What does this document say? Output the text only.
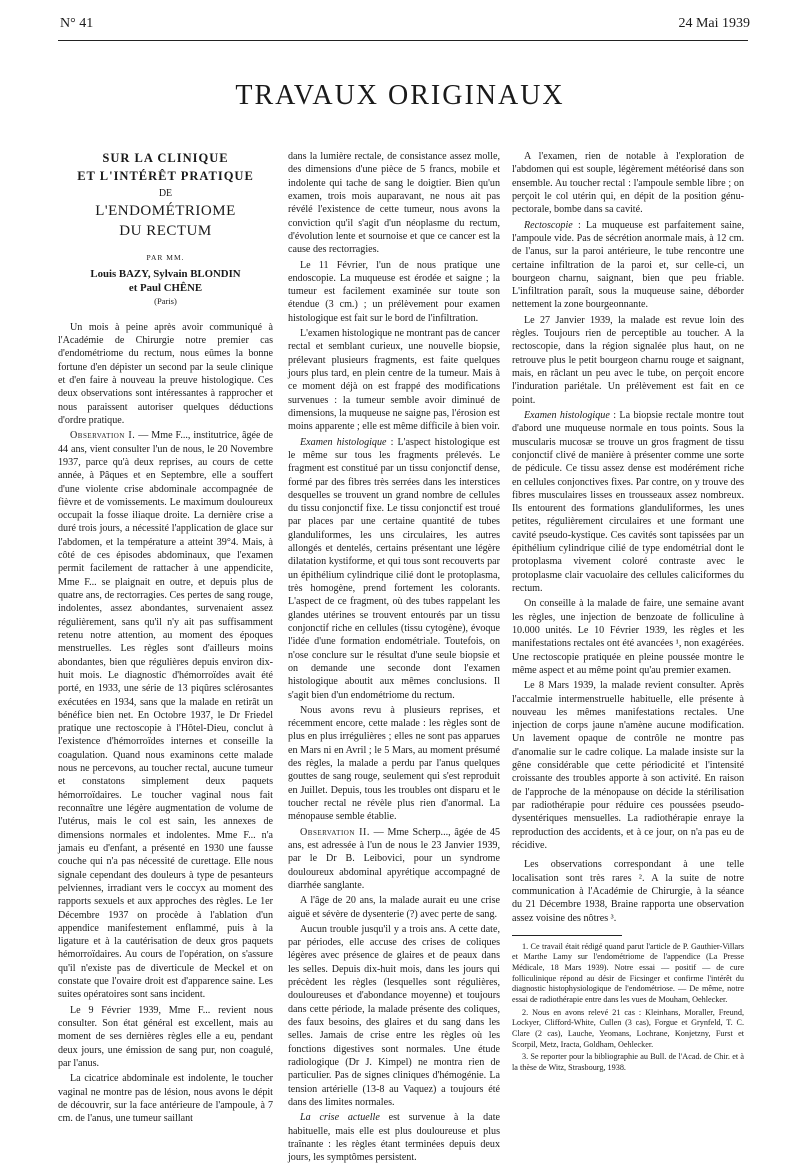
N° 41	24 Mai 1939
TRAVAUX ORIGINAUX
SUR LA CLINIQUE
ET L'INTÉRÊT PRATIQUE
DE
L'ENDOMÉTRIOME
DU RECTUM
PAR MM.
Louis BAZY, Sylvain BLONDIN
et Paul CHÊNE
(Paris)

Un mois à peine après avoir communiqué à l'Académie de Chirurgie notre premier cas d'endométriome du rectum, nous eûmes la bonne fortune d'en dépister un second par la seule clinique et d'en faire à nouveau la preuve histologique. Ces deux observations sont intéressantes à rapprocher et nous paraissent autoriser quelques déductions d'ordre pratique.

Observation I. — Mme F..., institutrice, âgée de 44 ans, vient consulter l'un de nous, le 20 Novembre 1937, parce qu'à deux reprises, au cours de cette année, à Pâques et en Septembre, elle a souffert d'une violente crise abdominale accompagnée de fièvre et de vomissements. Le maximum douloureux occupait la fosse iliaque droite. La dernière crise a duré trois jours, a nécessité l'application de glace sur l'abdomen, et la température a atteint 39°4. Mais, à côté de ces épisodes abdominaux, que l'examen permit facilement de rattacher à une appendicite, Mme F... se plaignait en outre, et depuis plus de quatre ans, de rectorragies. Ces pertes de sang rouge, indolentes, assez abondantes, survenaient assez régulièrement, sans qu'il n'y ait pas suffisamment retenu notre attention, au moment des époques menstruelles. Les règles sont d'ailleurs moins abondantes, bien que régulières depuis environ dix-huit mois. Le diagnostic d'hémorroïdes avait été porté, en 1933, une série de 13 piqûres sclérosantes exécutées en 1934, sans que la malade en retirât un bénéfice bien net. En Octobre 1937, le Dr Friedel pratique une rectoscopie à l'Hôtel-Dieu, conclut à l'existence d'hémorroïdes internes et conseille la coagulation. Quand nous examinons cette malade nous ne percevons, au toucher rectal, aucune tumeur et constatons simplement deux paquets hémorroïdaires. Le toucher vaginal nous fait reconnaître une légère augmentation de volume de l'utérus, mais le col est sain, les annexes de dimensions normales et indolentes. Mme F... n'a jamais eu d'enfant, a présenté en 1930 une fausse couche qui n'a pas nécessité de curettage. Elle nous signale cependant des douleurs à type de pesanteurs pelviennes, irradiant vers le coccyx au moment des rapports sexuels et aux approches des règles. Le 1er Décembre 1937 on procède à l'ablation d'un appendice manifestement enflammé, puis à la ligature et à la cautérisation de deux gros paquets hémorroïdaires. Au cours de l'opération, on s'assure qu'il n'existe pas de diverticule de Meckel et on constate que l'ovaire droit est d'apparence saine. Les suites opératoires sont sans incident.

Le 9 Février 1939, Mme F... revient nous consulter. Son état général est excellent, mais au moment de ses dernières règles elle a eu, pendant deux jours, une émission de sang pur, non coagulé, par l'anus.

La cicatrice abdominale est indolente, le toucher vaginal ne montre pas de lésion, nous avons le dépit de découvrir, sur la face antérieure de l'ampoule, à 7 cm. de l'anus, une tumeur saillant

dans la lumière rectale, de consistance assez molle, des dimensions d'une pièce de 5 francs, mobile et indolente qui tache de sang le doigtier. Bien qu'un examen, trois mois auparavant, ne nous ait pas révélé l'existence de cette tumeur, nous avons la conviction qu'il s'agit d'un néoplasme du rectum, d'évolution lente et sournoise et que ce cancer est la cause des rectorragies.

Le 11 Février, l'un de nous pratique une endoscopie. La muqueuse est érodée et saigne ; la tumeur est facilement examinée sur toute son étendue (3 cm.) ; un prélèvement pour examen histologique est fait sur le bord de l'infiltration.

L'examen histologique ne montrant pas de cancer rectal et semblant curieux, une nouvelle biopsie, prélevant plusieurs fragments, est faite quelques jours plus tard, en plein centre de la tumeur. Mais à ce moment déjà on est frappé des modifications survenues : la tumeur semble avoir diminué de dimensions, la muqueuse ne saigne pas, l'érosion est moins apparente ; elle est même difficile à bien voir.

Examen histologique : L'aspect histologique est le même sur tous les fragments prélevés. Le fragment est constitué par un tissu conjonctif dense, formé par des fibres très serrées dans les interstices desquelles se trouvent un grand nombre de cellules du tissu conjonctif fixe. Le tissu conjonctif est troué par places par une certaine quantité de tubes glanduliformes, les uns circulaires, les autres allongés et dentelés, certains présentant une légère dilatation kystiforme, et qui tous sont recouverts par un épithélium cylindrique cilié dont le protoplasma, très homogène, prend fortement les colorants. L'aspect de ce fragment, où des tubes rappelant les glandes utérines se trouvent entourés par un tissu conjonctif riche en cellules (tissu cytogène), évoque l'idée d'une formation endométriale. Toutefois, on n'ose conclure sur le résultat d'une seule biopsie et on demande une seconde dont l'examen histologique aboutit aux mêmes conclusions. Il s'agit bien d'un endométriome du rectum.

Nous avons revu à plusieurs reprises, et récemment encore, cette malade : les règles sont de plus en plus irrégulières ; elles ne sont pas apparues en Mars ni en Avril ; le 5 Mars, au moment présumé des règles, la malade a perdu par l'anus quelques gouttes de sang rouge, seulement qui s'est reproduit en Juillet. Depuis, tous les troubles ont disparu et le toucher rectal ne révèle plus rien d'anormal. La ménopause semble établie.

Observation II. — Mme Scherp..., âgée de 45 ans, est adressée à l'un de nous le 23 Janvier 1939, par le Dr B. Leibovici, pour un syndrome douloureux abdominal apyrétique accompagné de diarrhée sanglante.

A l'âge de 20 ans, la malade aurait eu une crise aiguë et sévère de dysenterie (?) avec perte de sang.

Aucun trouble jusqu'il y a trois ans. A cette date, par périodes, elle accuse des crises de coliques légères avec présence de glaires et de peaux dans les selles. Depuis dix-huit mois, dans les jours qui précèdent les règles (lesquelles sont régulières, douloureuses et d'abondance moyenne) et toujours dans cette période, la malade présente des coliques, des faux besoins, des glaires et du sang dans les selles. Jamais de crise entre les règles où les fonctions digestives sont normales. Une étude radiologique (Dr J. Kimpel) ne montra rien de particulier. Pas de signes cliniques d'hémogénie. La tension artérielle (13-8 au Vaquez) a toujours été dans des limites normales.

La crise actuelle est survenue à la date habituelle, mais elle est plus douloureuse et plus traînante : les règles étant terminées depuis deux jours, les symptômes persistent.

A l'examen, rien de notable à l'exploration de l'abdomen qui est souple, légèrement météorisé dans son ensemble. Au toucher rectal : l'ampoule semble libre ; on perçoit le col utérin qui, en dépit de la position génu-pectorale, bombe dans sa cavité.

Rectoscopie : La muqueuse est parfaitement saine, l'ampoule vide. Pas de sécrétion anormale mais, à 12 cm. de l'anus, sur la paroi antérieure, le tube rencontre une certaine infiltration de la paroi et, sur celle-ci, un bourgeon charnu, saignant, bien que peu friable. L'infiltration paraît, sous la muqueuse saine, déborder nettement la zone bourgeonnante.

Le 27 Janvier 1939, la malade est revue loin des règles. Toujours rien de perceptible au toucher. A la rectoscopie, dans la région signalée plus haut, on ne retrouve plus le petit bourgeon charnu rouge et saignant, mais, en râclant un peu avec le tube, on perçoit encore l'induration pariétale. Un prélèvement est fait en ce point.

Examen histologique : La biopsie rectale montre tout d'abord une muqueuse normale en tous points. Sous la muscularis mucosæ se trouve un gros fragment de tissu conjonctif clivé de manière à présenter comme une sorte de pédicule. Ce tissu assez dense est modérément riche en cellules conjonctives fixes. Par contre, on y trouve des fibres musculaires lisses en trousseaux assez nombreux. Ils entourent des formations glanduliformes, les unes petites, régulièrement circulaires et une formant une cavité pseudo-kystique. Ces cavités sont tapissées par un épithélium cylindrique cilié de type endométrial dont le protoplasma vivement coloré contraste avec le protoplasme clair vacuolaire des cellules caliciformes du rectum.

On conseille à la malade de faire, une semaine avant les règles, une injection de benzoate de folliculine à 10.000 unités. Le 10 Février 1939, les règles et les manifestations rectales ont été avancées ¹, non exagérées. Une rectoscopie pratiquée en pleine poussée montre le même aspect et au même point qu'au premier examen.

Le 8 Mars 1939, la malade revient consulter. Après l'accalmie intermenstruelle habituelle, elle présente à nouveau les mêmes manifestations rectales. Une injection de corps jaune n'amène aucune modification. Un lavement opaque de contrôle ne montre pas d'anomalie sur le cadre colique. La malade insiste sur la gêne considérable que cette périodicité et l'intensité croissante des troubles apporte à son activité. En raison de l'approche de la ménopause on décide la stérilisation par radiothérapie pour réduire ces poussées pseudo-dysentériques mensuelles. La radiothérapie enraye la reproduction des accidents, et à ce jour, on n'a pas eu de récidive.

Les observations correspondant à une telle localisation sont très rares ². A la suite de notre communication à l'Académie de Chirurgie, à la séance du 21 Décembre 1938, Braine rapporta une observation assez voisine des nôtres ³.

1. Ce travail était rédigé quand parut l'article de P. Gauthier-Villars et Marthe Lamy sur l'endométriome de l'appendice (La Presse Médicale, 18 Mars 1939). Notre essai — positif — de cure folliculinique répond au désir de Ficsinger et confirme l'intérêt du diagnostic histophysiologique de l'endométriose. — De même, notre essai de radiothérapie entre dans les vues de Mouham, Oehlecker.

2. Nous en avons relevé 21 cas : Kleinhans, Moraller, Freund, Lockyer, Clifford-White, Cullen (3 cas), Forgue et Grynfeld, T. C. Clare (2 cas), Lauche, Yeomans, Lochrane, Konjetzny, Furst et Scorpil, Metz, Iracta, Goldham, Oehlecker.

3. Se reporter pour la bibliographie au Bull. de l'Acad. de Chir. et à la thèse de Witz, Strasbourg, 1938.
